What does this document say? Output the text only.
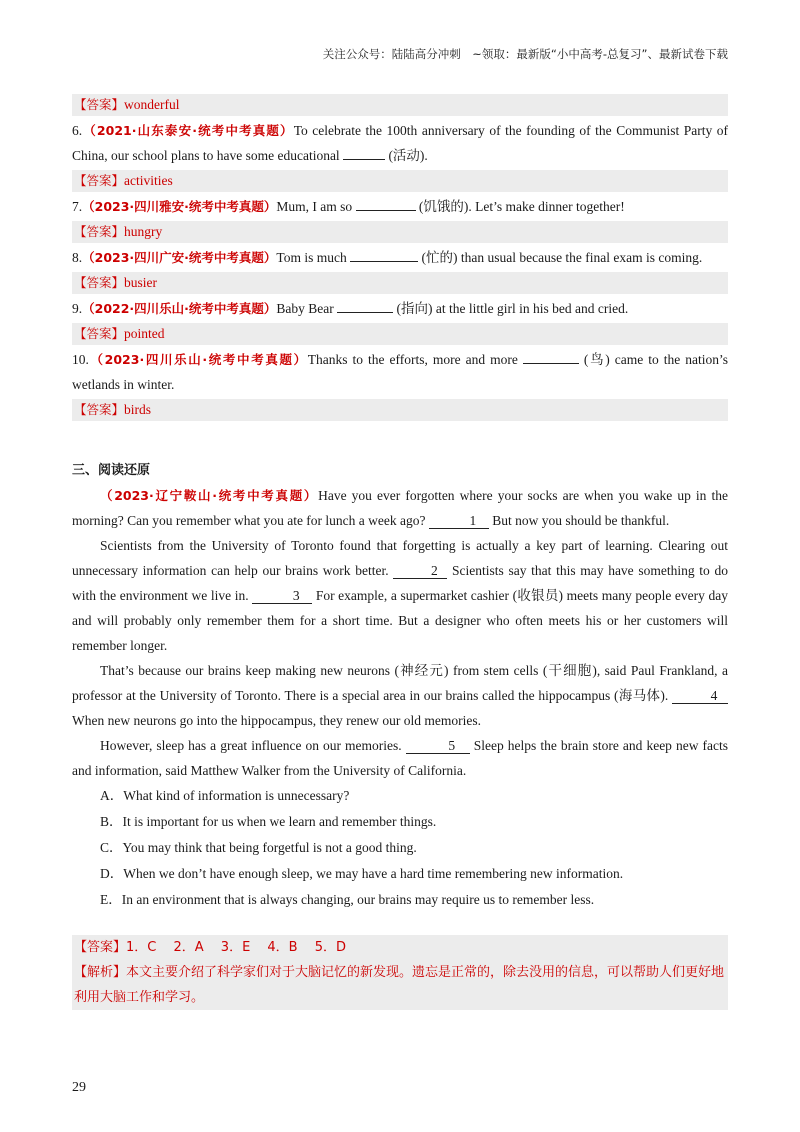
关注公众号：陆陆高分冲刺　~领取：最新版“小中高考-总复习”、最新试卷下载
【答案】wonderful
6.（2021·山东泰安·统考中考真题）To celebrate the 100th anniversary of the founding of the Communist Party of China, our school plans to have some educational	(活动).
【答案】activities
7.（2023·四川雅安·统考中考真题）Mum, I am so	(饥饿的). Let’s make dinner together!
【答案】hungry
8.（2023·四川广安·统考中考真题）Tom is much	(忙的) than usual because the final exam is coming.
【答案】busier
9.（2022·四川乐山·统考中考真题）Baby Bear	(指向) at the little girl in his bed and cried.
【答案】pointed
10.（2023·四川乐山·统考中考真题）Thanks to the efforts, more and more	(鸟) came to the nation’s wetlands in winter.
【答案】birds
三、阅读还原
（2023·辽宁鞍山·统考中考真题）Have you ever forgotten where your socks are when you wake up in the morning? Can you remember what you ate for lunch a week ago?	1 But now you should be thankful.
Scientists from the University of Toronto found that forgetting is actually a key part of learning. Clearing out unnecessary information can help our brains work better.	2 Scientists say that this may have something to do with the environment we live in.	3 For example, a supermarket cashier (收银员) meets many people every day and will probably only remember them for a short time. But a designer who often meets his or her customers will remember longer.
That’s because our brains keep making new neurons (神经元) from stem cells (干细胞), said Paul Frankland, a professor at the University of Toronto. There is a special area in our brains called the hippocampus (海马体).	4 When new neurons go into the hippocampus, they renew our old memories.
However, sleep has a great influence on our memories.	5 Sleep helps the brain store and keep new facts and information, said Matthew Walker from the University of California.
A．What kind of information is unnecessary?
B．It is important for us when we learn and remember things.
C．You may think that being forgetful is not a good thing.
D．When we don’t have enough sleep, we may have a hard time remembering new information.
E．In an environment that is always changing, our brains may require us to remember less.
【答案】1．C　 2．A　 3．E　 4．B　 5．D
【解析】本文主要介绍了科学家们对于大脑记忆的新发现。遗忘是正常的，除去没用的信息，可以帮助人们更好地利用大脑工作和学习。
29
